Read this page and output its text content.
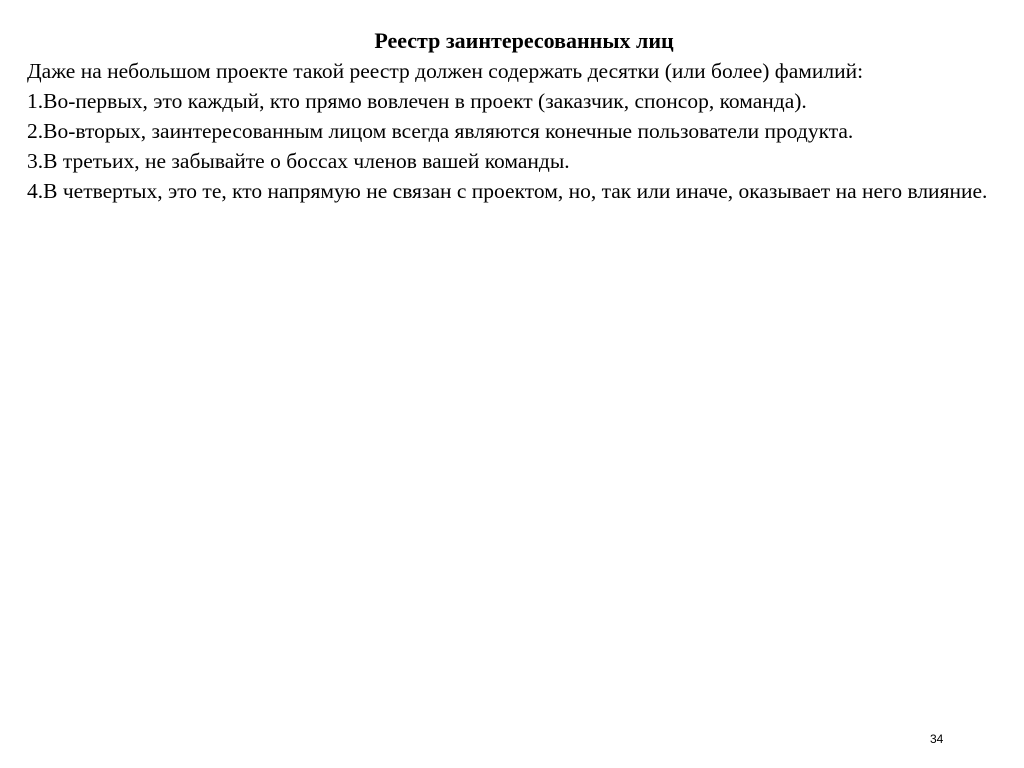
Реестр заинтересованных лиц

Даже на небольшом проекте такой реестр должен содержать десятки (или более) фамилий:

1.Во-первых, это каждый, кто прямо вовлечен в проект (заказчик, спонсор, команда).

2.Во-вторых, заинтересованным лицом всегда являются конечные пользователи продукта.

3.В третьих, не забывайте о боссах членов вашей команды.

4.В четвертых, это те, кто напрямую не связан с проектом, но, так или иначе, оказывает на него влияние.

34
